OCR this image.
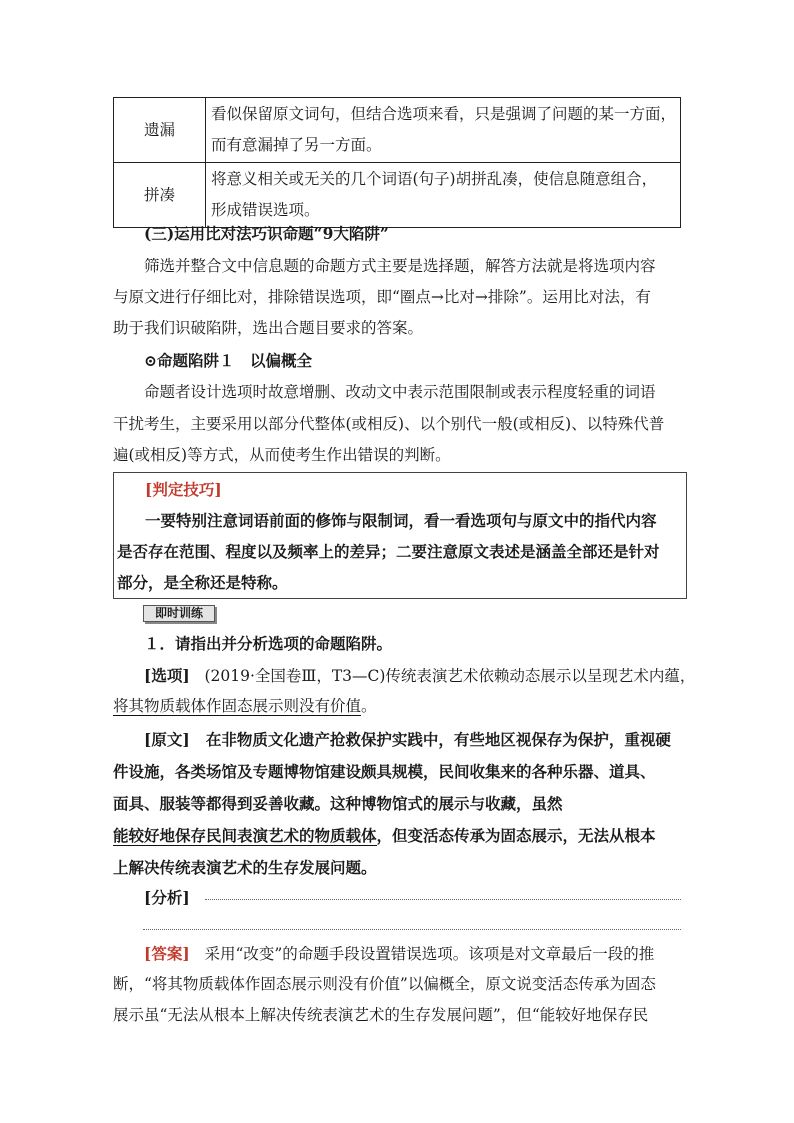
遗漏	看似保留原文词句，但结合选项来看，只是强调了问题的某一方面，
而有意漏掉了另一方面。

拼凑	将意义相关或无关的几个词语(句子)胡拼乱凑，使信息随意组合，
形成错误选项。
(三)运用比对法巧识命题“9大陷阱”
筛选并整合文中信息题的命题方式主要是选择题，解答方法就是将选项内容
与原文进行仔细比对，排除错误选项，即“圈点→比对→排除”。运用比对法，有
助于我们识破陷阱，选出合题目要求的答案。
⊙命题陷阱１　以偏概全
命题者设计选项时故意增删、改动文中表示范围限制或表示程度轻重的词语
干扰考生，主要采用以部分代整体(或相反)、以个别代一般(或相反)、以特殊代普
遍(或相反)等方式，从而使考生作出错误的判断。
[判定技巧]
一要特别注意词语前面的修饰与限制词，看一看选项句与原文中的指代内容
是否存在范围、程度以及频率上的差异；二要注意原文表述是涵盖全部还是针对
部分，是全称还是特称。
即时训练
１．请指出并分析选项的命题陷阱。
[选项] (2019·全国卷Ⅲ，T3—C)传统表演艺术依赖动态展示以呈现艺术内蕴，
将其物质载体作固态展示则没有价值。
[原文] 在非物质文化遗产抢救保护实践中，有些地区视保存为保护，重视硬
件设施，各类场馆及专题博物馆建设颇具规模，民间收集来的各种乐器、道具、
面具、服装等都得到妥善收藏。这种博物馆式的展示与收藏，虽然
能较好地保存民间表演艺术的物质载体，但变活态传承为固态展示，无法从根本
上解决传统表演艺术的生存发展问题。
[分析]
[答案] 采用“改变”的命题手段设置错误选项。该项是对文章最后一段的推
断，“将其物质载体作固态展示则没有价值”以偏概全，原文说变活态传承为固态
展示虽“无法从根本上解决传统表演艺术的生存发展问题”，但“能较好地保存民
